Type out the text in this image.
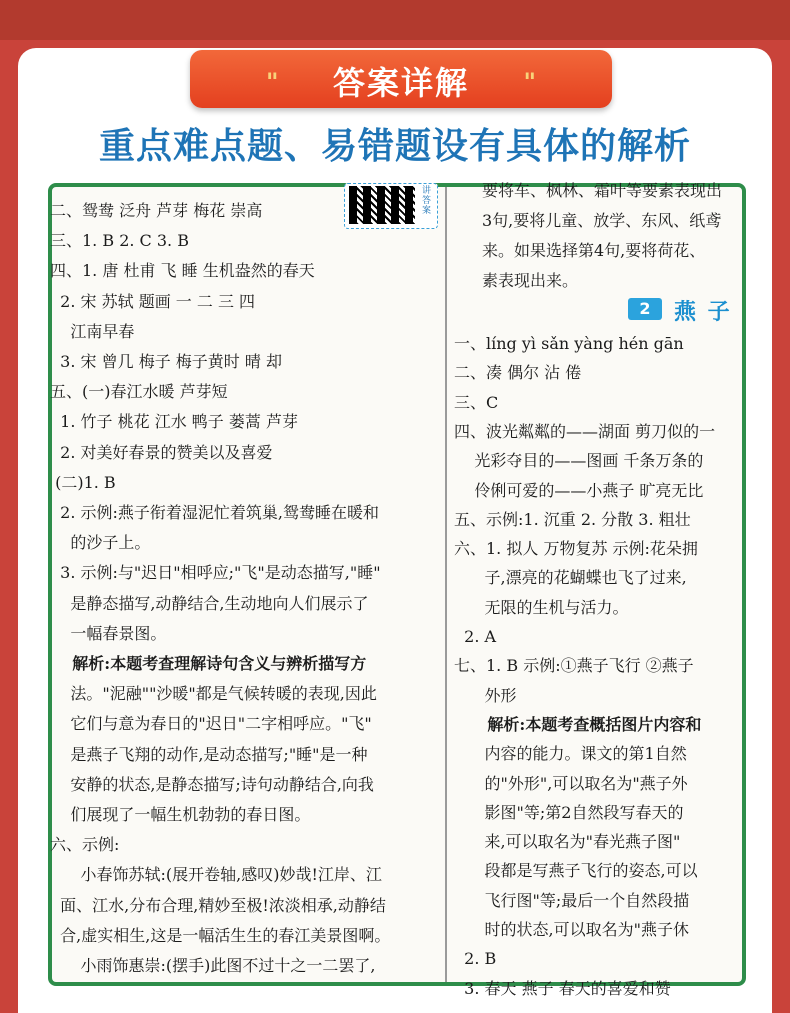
"	答案详解	"
重点难点题、易错题设有具体的解析
讲答案
二、鸳鸯 泛舟 芦芽 梅花 崇高
三、1. B 2. C 3. B
四、1. 唐 杜甫 飞 睡 生机盎然的春天
2. 宋 苏轼 题画 一 二 三 四
江南早春
3. 宋 曾几 梅子 梅子黄时 晴 却
五、(一)春江水暖 芦芽短
1. 竹子 桃花 江水 鸭子 蒌蒿 芦芽
2. 对美好春景的赞美以及喜爱
(二)1. B
2. 示例:燕子衔着湿泥忙着筑巢,鸳鸯睡在暖和
的沙子上。
3. 示例:与"迟日"相呼应;"飞"是动态描写,"睡"
是静态描写,动静结合,生动地向人们展示了
一幅春景图。
解析:本题考查理解诗句含义与辨析描写方
法。"泥融""沙暖"都是气候转暖的表现,因此
它们与意为春日的"迟日"二字相呼应。"飞"
是燕子飞翔的动作,是动态描写;"睡"是一种
安静的状态,是静态描写;诗句动静结合,向我
们展现了一幅生机勃勃的春日图。
六、示例:
小春饰苏轼:(展开卷轴,感叹)妙哉!江岸、江
面、江水,分布合理,精妙至极!浓淡相承,动静结
合,虚实相生,这是一幅活生生的春江美景图啊。
小雨饰惠崇:(摆手)此图不过十之一二罢了,
2	燕 子
要将车、枫林、霜叶等要素表现出
3句,要将儿童、放学、东风、纸鸢
来。如果选择第4句,要将荷花、
素表现出来。
一、líng yì sǎn yàng hén gān
二、凑 偶尔 沾 倦
三、C
四、波光粼粼的——湖面 剪刀似的一
光彩夺目的——图画 千条万条的
伶俐可爱的——小燕子 旷亮无比
五、示例:1. 沉重 2. 分散 3. 粗壮
六、1. 拟人 万物复苏 示例:花朵拥
子,漂亮的花蝴蝶也飞了过来,
无限的生机与活力。
2. A
七、1. B 示例:①燕子飞行 ②燕子
外形
解析:本题考查概括图片内容和
内容的能力。课文的第1自然
的"外形",可以取名为"燕子外
影图"等;第2自然段写春天的
来,可以取名为"春光燕子图"
段都是写燕子飞行的姿态,可以
飞行图"等;最后一个自然段描
时的状态,可以取名为"燕子休
2. B
3. 春天 燕子 春天的喜爱和赞
